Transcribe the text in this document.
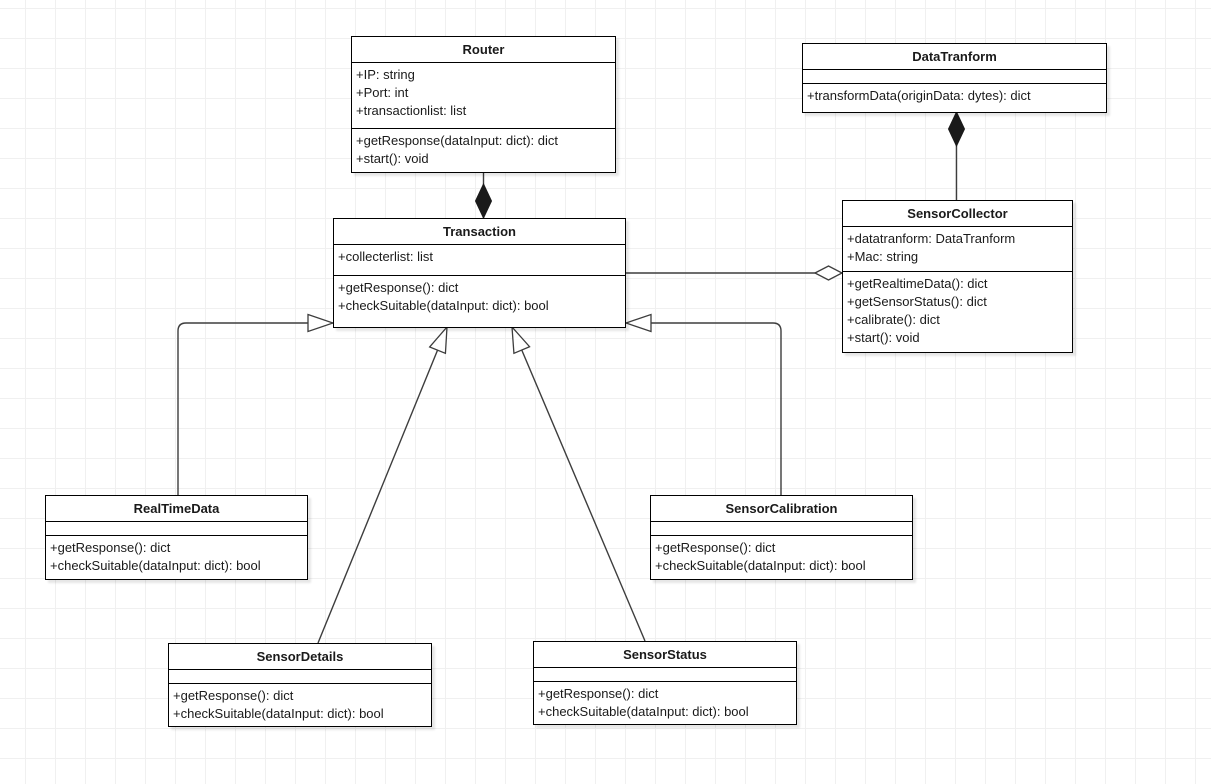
Router
+IP: string
+Port: int
+transactionlist: list
+getResponse(dataInput: dict): dict
+start(): void
DataTranform
+transformData(originData: dytes): dict
Transaction
+collecterlist: list
+getResponse(): dict
+checkSuitable(dataInput: dict): bool
SensorCollector
+datatranform: DataTranform
+Mac: string
+getRealtimeData(): dict
+getSensorStatus(): dict
+calibrate(): dict
+start(): void
RealTimeData
+getResponse(): dict
+checkSuitable(dataInput: dict): bool
SensorCalibration
+getResponse(): dict
+checkSuitable(dataInput: dict): bool
SensorDetails
+getResponse(): dict
+checkSuitable(dataInput: dict): bool
SensorStatus
+getResponse(): dict
+checkSuitable(dataInput: dict): bool
